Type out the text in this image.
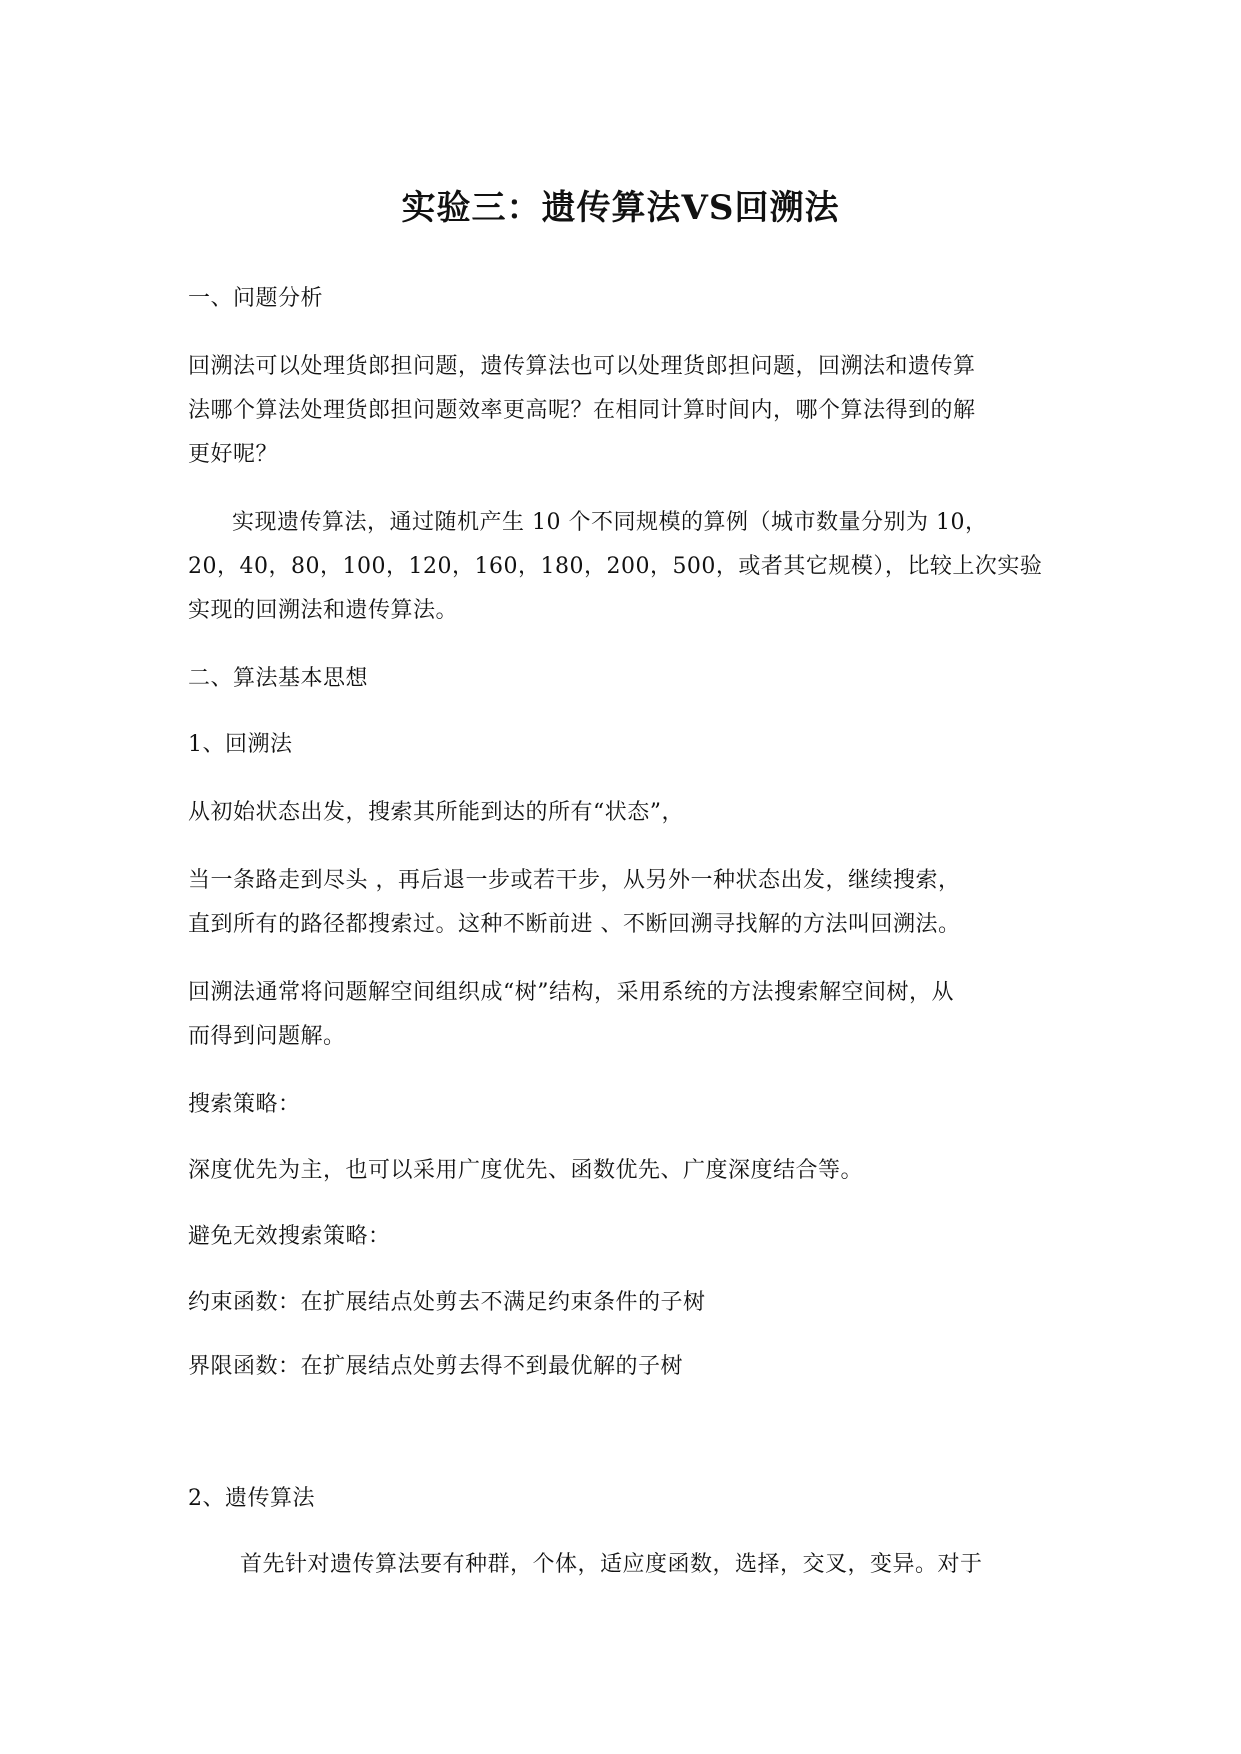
实验三：遗传算法VS回溯法
一、问题分析
回溯法可以处理货郎担问题，遗传算法也可以处理货郎担问题，回溯法和遗传算
法哪个算法处理货郎担问题效率更高呢？在相同计算时间内，哪个算法得到的解
更好呢？
实现遗传算法，通过随机产生 10 个不同规模的算例（城市数量分别为 10，
20，40，80，100，120，160，180，200，500，或者其它规模），比较上次实验
实现的回溯法和遗传算法。
二、算法基本思想
1、回溯法
从初始状态出发，搜索其所能到达的所有“状态”，
当一条路走到尽头 ，再后退一步或若干步，从另外一种状态出发，继续搜索，
直到所有的路径都搜索过。这种不断前进 、不断回溯寻找解的方法叫回溯法。
回溯法通常将问题解空间组织成“树”结构，采用系统的方法搜索解空间树，从
而得到问题解。
搜索策略：
深度优先为主，也可以采用广度优先、函数优先、广度深度结合等。
避免无效搜索策略：
约束函数：在扩展结点处剪去不满足约束条件的子树
界限函数：在扩展结点处剪去得不到最优解的子树
2、遗传算法
首先针对遗传算法要有种群，个体，适应度函数，选择，交叉，变异。对于
